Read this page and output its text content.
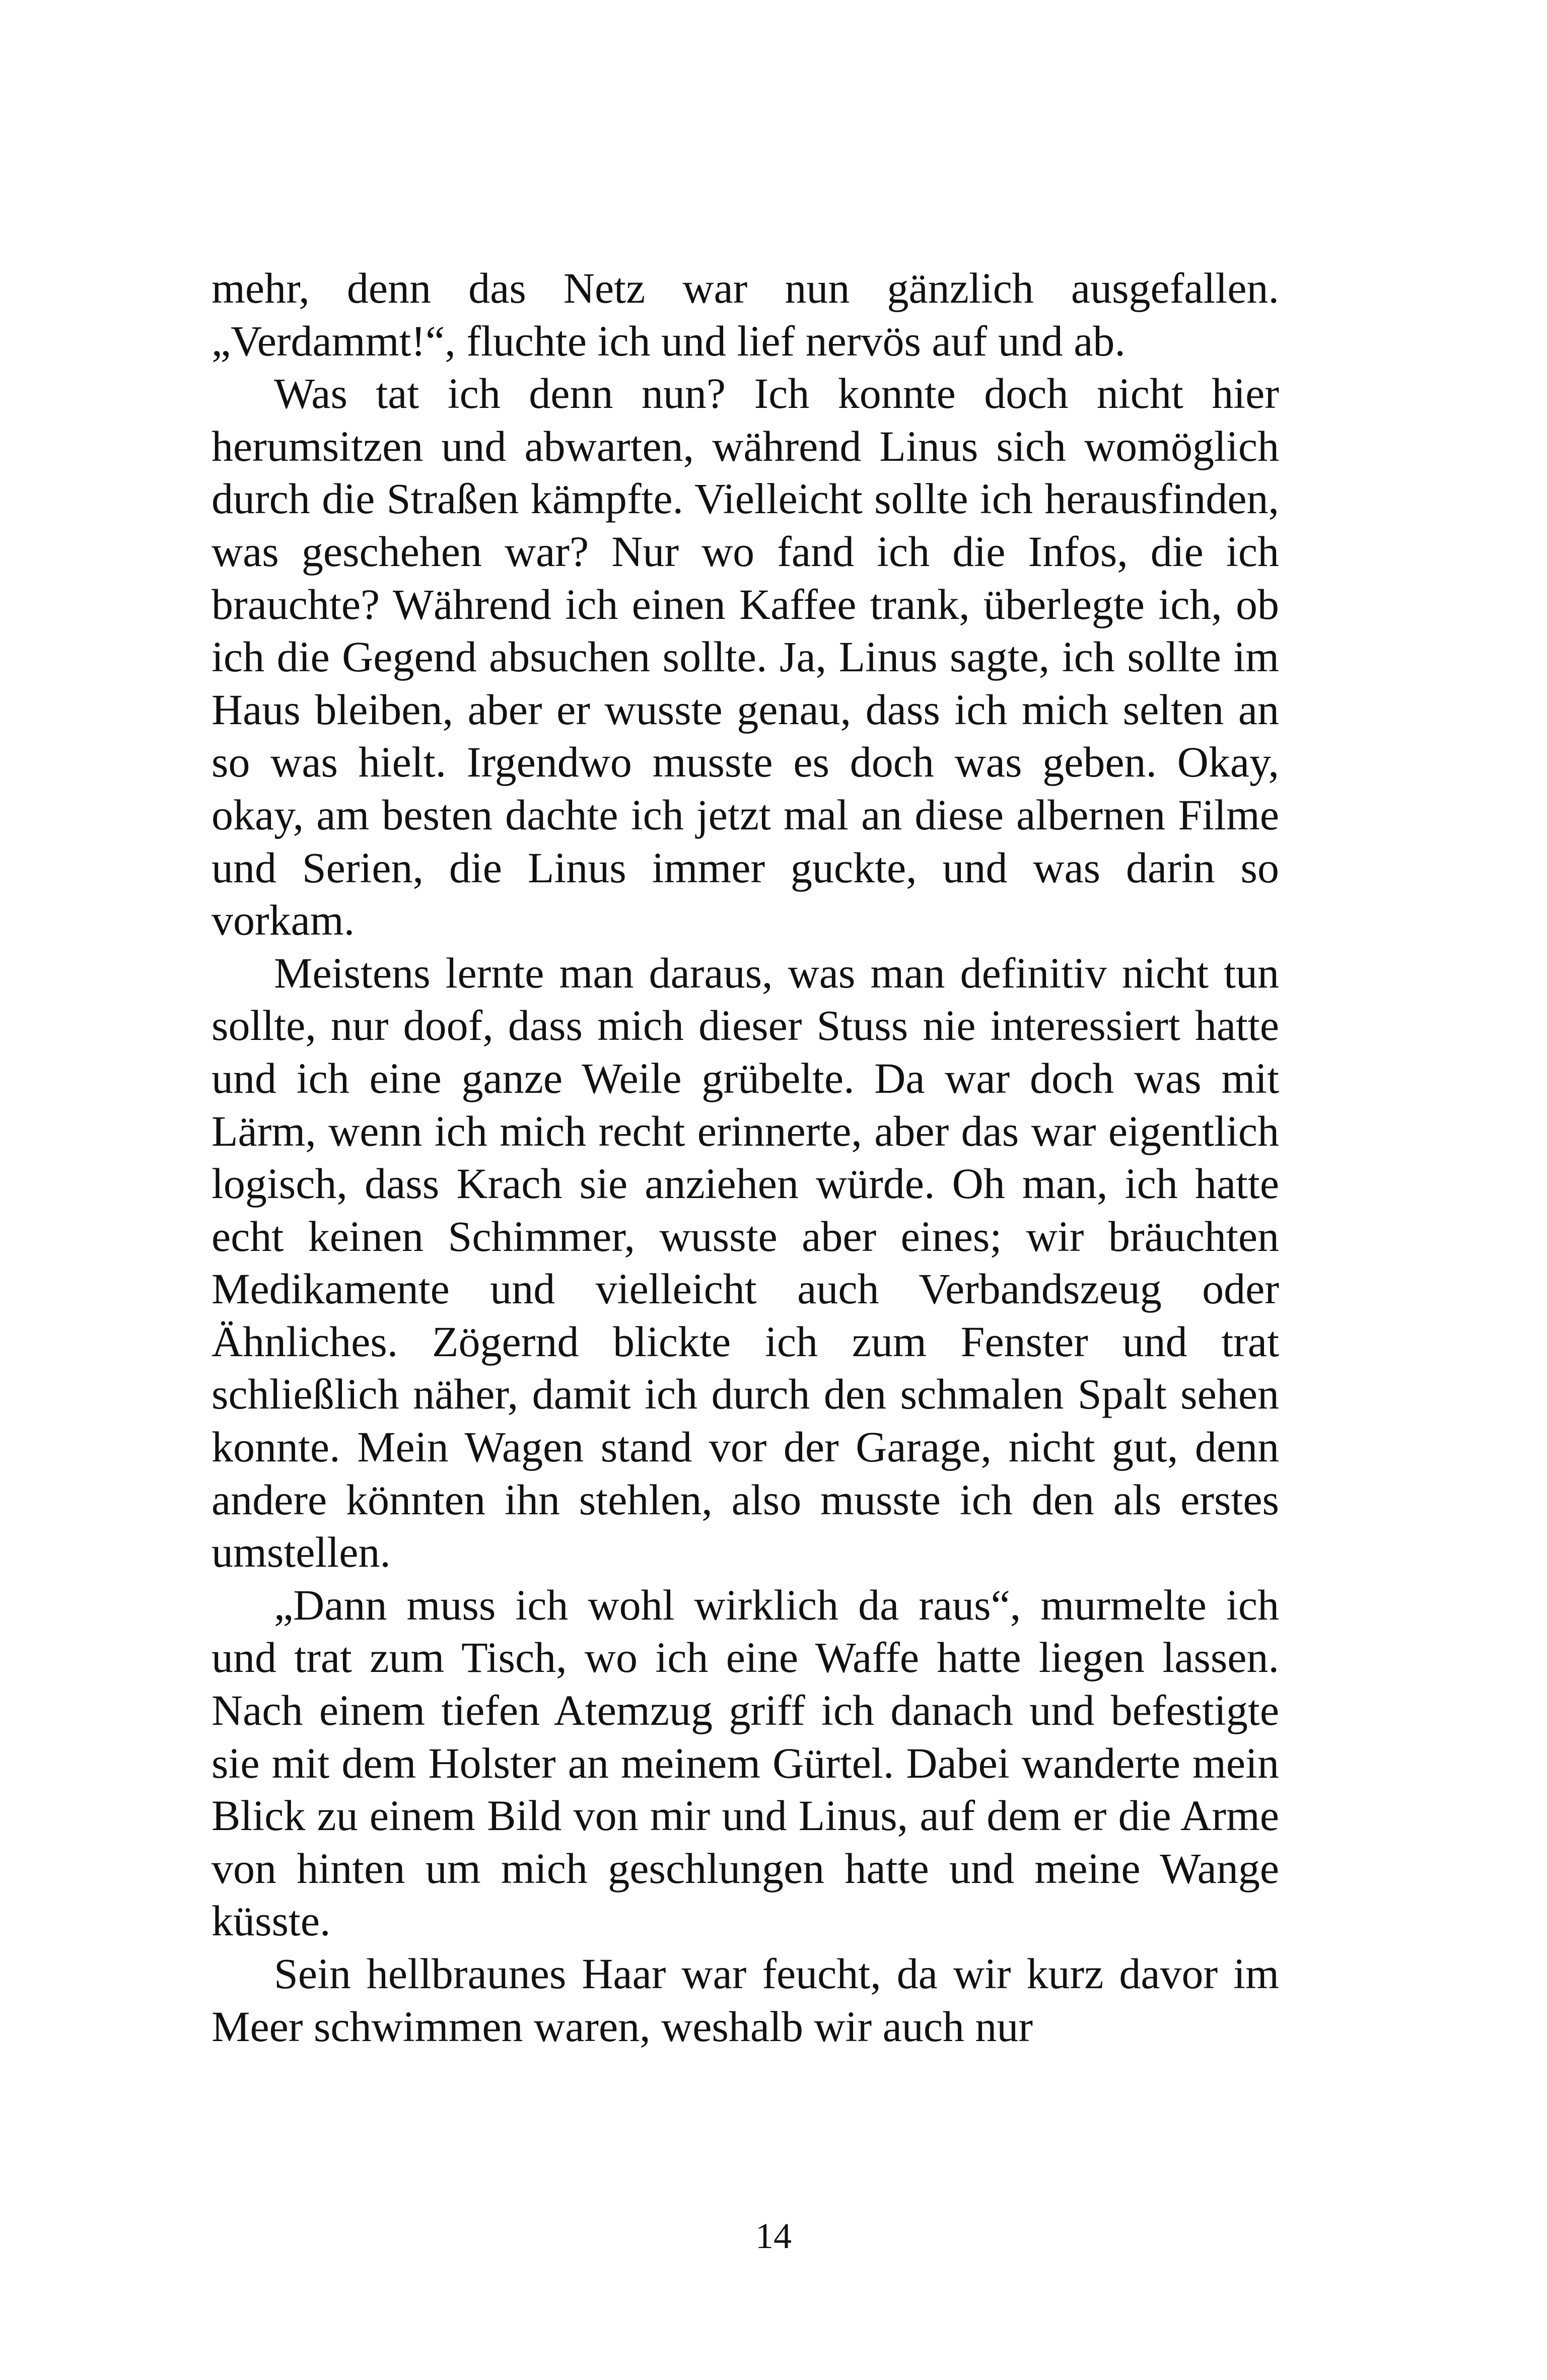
mehr, denn das Netz war nun gänzlich ausgefallen. „Verdammt!“, fluchte ich und lief nervös auf und ab.

Was tat ich denn nun? Ich konnte doch nicht hier herumsitzen und abwarten, während Linus sich womöglich durch die Straßen kämpfte. Vielleicht sollte ich herausfinden, was geschehen war? Nur wo fand ich die Infos, die ich brauchte? Während ich einen Kaffee trank, überlegte ich, ob ich die Gegend absuchen sollte. Ja, Linus sagte, ich sollte im Haus bleiben, aber er wusste genau, dass ich mich selten an so was hielt. Irgendwo musste es doch was geben. Okay, okay, am besten dachte ich jetzt mal an diese albernen Filme und Serien, die Linus immer guckte, und was darin so vorkam.

Meistens lernte man daraus, was man definitiv nicht tun sollte, nur doof, dass mich dieser Stuss nie interessiert hatte und ich eine ganze Weile grübelte. Da war doch was mit Lärm, wenn ich mich recht erinnerte, aber das war eigentlich logisch, dass Krach sie anziehen würde. Oh man, ich hatte echt keinen Schimmer, wusste aber eines; wir bräuchten Medikamente und vielleicht auch Verbandszeug oder Ähnliches. Zögernd blickte ich zum Fenster und trat schließlich näher, damit ich durch den schmalen Spalt sehen konnte. Mein Wagen stand vor der Garage, nicht gut, denn andere könnten ihn stehlen, also musste ich den als erstes umstellen.

„Dann muss ich wohl wirklich da raus“, murmelte ich und trat zum Tisch, wo ich eine Waffe hatte liegen lassen. Nach einem tiefen Atemzug griff ich danach und befestigte sie mit dem Holster an meinem Gürtel. Dabei wanderte mein Blick zu einem Bild von mir und Linus, auf dem er die Arme von hinten um mich geschlungen hatte und meine Wange küsste.

Sein hellbraunes Haar war feucht, da wir kurz davor im Meer schwimmen waren, weshalb wir auch nur

14
